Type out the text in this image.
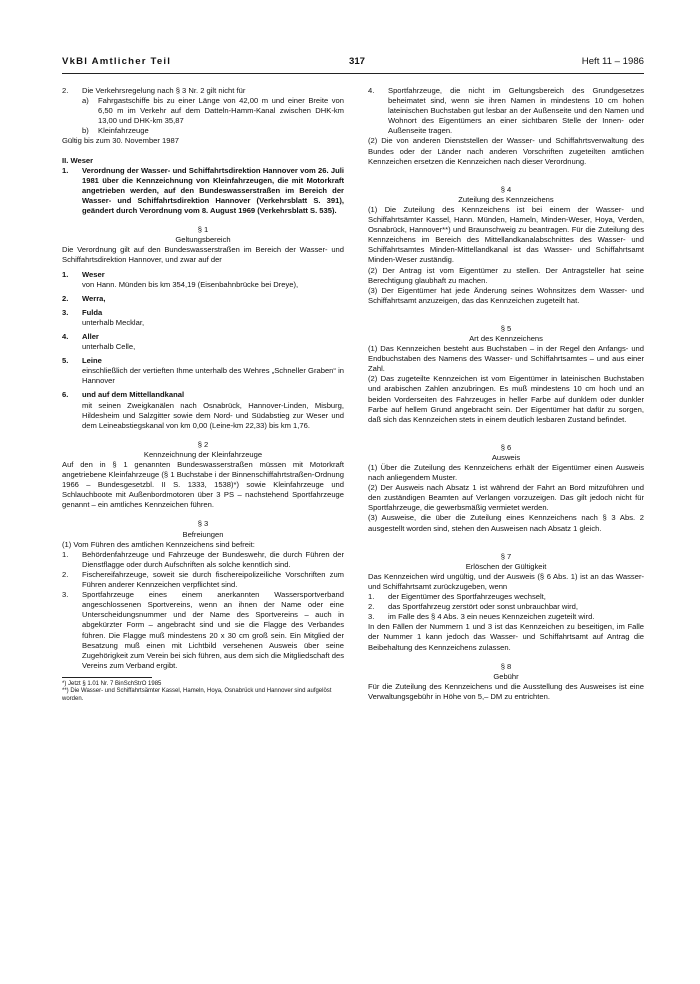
VkBl Amtlicher Teil	317	Heft 11 – 1986
2.	Die Verkehrsregelung nach § 3 Nr. 2 gilt nicht für
a)	Fahrgastschiffe bis zu einer Länge von 42,00 m und einer Breite von 6,50 m im Verkehr auf dem Datteln-Hamm-Kanal zwischen DHK-km 13,00 und DHK-km 35,87
b)	Kleinfahrzeuge

Gültig bis zum 30. November 1987

II. Weser

1.	Verordnung der Wasser- und Schiffahrtsdirektion Hannover vom 26. Juli 1981 über die Kennzeichnung von Kleinfahrzeugen, die mit Motorkraft angetrieben werden, auf den Bundeswasserstraßen im Bereich der Wasser- und Schiffahrtsdirektion Hannover (Verkehrsblatt S. 391), geändert durch Verordnung vom 8. August 1969 (Verkehrsblatt S. 535).

§ 1

Geltungsbereich

Die Verordnung gilt auf den Bundeswasserstraßen im Bereich der Wasser- und Schiffahrtsdirektion Hannover, und zwar auf der

1.	Weser

von Hann. Münden bis km 354,19 (Eisenbahnbrücke bei Dreye),

2.	Werra,
3.	Fulda

unterhalb Mecklar,

4.	Aller

unterhalb Celle,

5.	Leine

einschließlich der vertieften Ihme unterhalb des Wehres „Schneller Graben“ in Hannover

6.	und auf dem Mittellandkanal

mit seinen Zweigkanälen nach Osnabrück, Hannover-Linden, Misburg, Hildesheim und Salzgitter sowie dem Nord- und Südabstieg zur Weser und dem Leineabstiegskanal von km 0,00 (Leine-km 22,33) bis km 1,76.

§ 2

Kennzeichnung der Kleinfahrzeuge

Auf den in § 1 genannten Bundeswasserstraßen müssen mit Motorkraft angetriebene Kleinfahrzeuge (§ 1 Buchstabe i der Binnenschiffahrtstraßen-Ordnung 1966 – Bundesgesetzbl. II S. 1333, 1538)*) sowie Kleinfahrzeuge und Schlauchboote mit Außenbordmotoren über 3 PS – nachstehend Sportfahrzeuge genannt – ein amtliches Kennzeichen führen.

§ 3

Befreiungen

(1) Vom Führen des amtlichen Kennzeichens sind befreit:

1.	Behördenfahrzeuge und Fahrzeuge der Bundeswehr, die durch Führen der Dienstflagge oder durch Aufschriften als solche kenntlich sind.
2.	Fischereifahrzeuge, soweit sie durch fischereipolizeiliche Vorschriften zum Führen anderer Kennzeichen verpflichtet sind.
3.	Sportfahrzeuge eines einem anerkannten Wassersportverband angeschlossenen Sportvereins, wenn an ihnen der Name oder eine Unterscheidungsnummer und der Name des Sportvereins – auch in abgekürzter Form – angebracht sind und sie die Flagge des Verbandes führen. Die Flagge muß mindestens 20 x 30 cm groß sein. Ein Mitglied der Besatzung muß einen mit Lichtbild versehenen Ausweis über seine Zugehörigkeit zum Verein bei sich führen, aus dem sich die Mitgliedschaft des Vereins zum Verband ergibt.

*) Jetzt § 1.01 Nr. 7 BinSchStrO 1985

**) Die Wasser- und Schiffahrtsämter Kassel, Hameln, Hoya, Osnabrück und Hannover sind aufgelöst worden.

4.	Sportfahrzeuge, die nicht im Geltungsbereich des Grundgesetzes beheimatet sind, wenn sie ihren Namen in mindestens 10 cm hohen lateinischen Buchstaben gut lesbar an der Außenseite und den Namen und Wohnort des Eigentümers an einer sichtbaren Stelle der Innen- oder Außenseite tragen.

(2) Die von anderen Dienststellen der Wasser- und Schiffahrtsverwaltung des Bundes oder der Länder nach anderen Vorschriften zugeteilten amtlichen Kennzeichen ersetzen die Kennzeichen nach dieser Verordnung.

§ 4

Zuteilung des Kennzeichens

(1) Die Zuteilung des Kennzeichens ist bei einem der Wasser- und Schiffahrtsämter Kassel, Hann. Münden, Hameln, Minden-Weser, Hoya, Verden, Osnabrück, Hannover**) und Braunschweig zu beantragen. Für die Zuteilung des Kennzeichens im Bereich des Mittellandkanalabschnittes des Wasser- und Schiffahrtsamtes Minden-Mittellandkanal ist das Wasser- und Schiffahrtsamt Minden-Weser zuständig.

(2) Der Antrag ist vom Eigentümer zu stellen. Der Antragsteller hat seine Berechtigung glaubhaft zu machen.

(3) Der Eigentümer hat jede Änderung seines Wohnsitzes dem Wasser- und Schiffahrtsamt anzuzeigen, das das Kennzeichen zugeteilt hat.

§ 5

Art des Kennzeichens

(1) Das Kennzeichen besteht aus Buchstaben – in der Regel den Anfangs- und Endbuchstaben des Namens des Wasser- und Schiffahrtsamtes – und aus einer Zahl.

(2) Das zugeteilte Kennzeichen ist vom Eigentümer in lateinischen Buchstaben und arabischen Zahlen anzubringen. Es muß mindestens 10 cm hoch und an beiden Vorderseiten des Fahrzeuges in heller Farbe auf dunklem oder dunkler Farbe auf hellem Grund angebracht sein. Der Eigentümer hat dafür zu sorgen, daß sich das Kennzeichen stets in einem deutlich lesbaren Zustand befindet.

§ 6

Ausweis

(1) Über die Zuteilung des Kennzeichens erhält der Eigentümer einen Ausweis nach anliegendem Muster.

(2) Der Ausweis nach Absatz 1 ist während der Fahrt an Bord mitzuführen und den zuständigen Beamten auf Verlangen vorzuzeigen. Das gilt jedoch nicht für Sportfahrzeuge, die gewerbsmäßig vermietet werden.

(3) Ausweise, die über die Zuteilung eines Kennzeichens nach § 3 Abs. 2 ausgestellt worden sind, stehen den Ausweisen nach Absatz 1 gleich.

§ 7

Erlöschen der Gültigkeit

Das Kennzeichen wird ungültig, und der Ausweis (§ 6 Abs. 1) ist an das Wasser- und Schiffahrtsamt zurückzugeben, wenn

1.	der Eigentümer des Sportfahrzeuges wechselt,
2.	das Sportfahrzeug zerstört oder sonst unbrauchbar wird,
3.	im Falle des § 4 Abs. 3 ein neues Kennzeichen zugeteilt wird.

In den Fällen der Nummern 1 und 3 ist das Kennzeichen zu beseitigen, im Falle der Nummer 1 kann jedoch das Wasser- und Schiffahrtsamt auf Antrag die Beibehaltung des Kennzeichens zulassen.

§ 8

Gebühr

Für die Zuteilung des Kennzeichens und die Ausstellung des Ausweises ist eine Verwaltungsgebühr in Höhe von 5,– DM zu entrichten.
